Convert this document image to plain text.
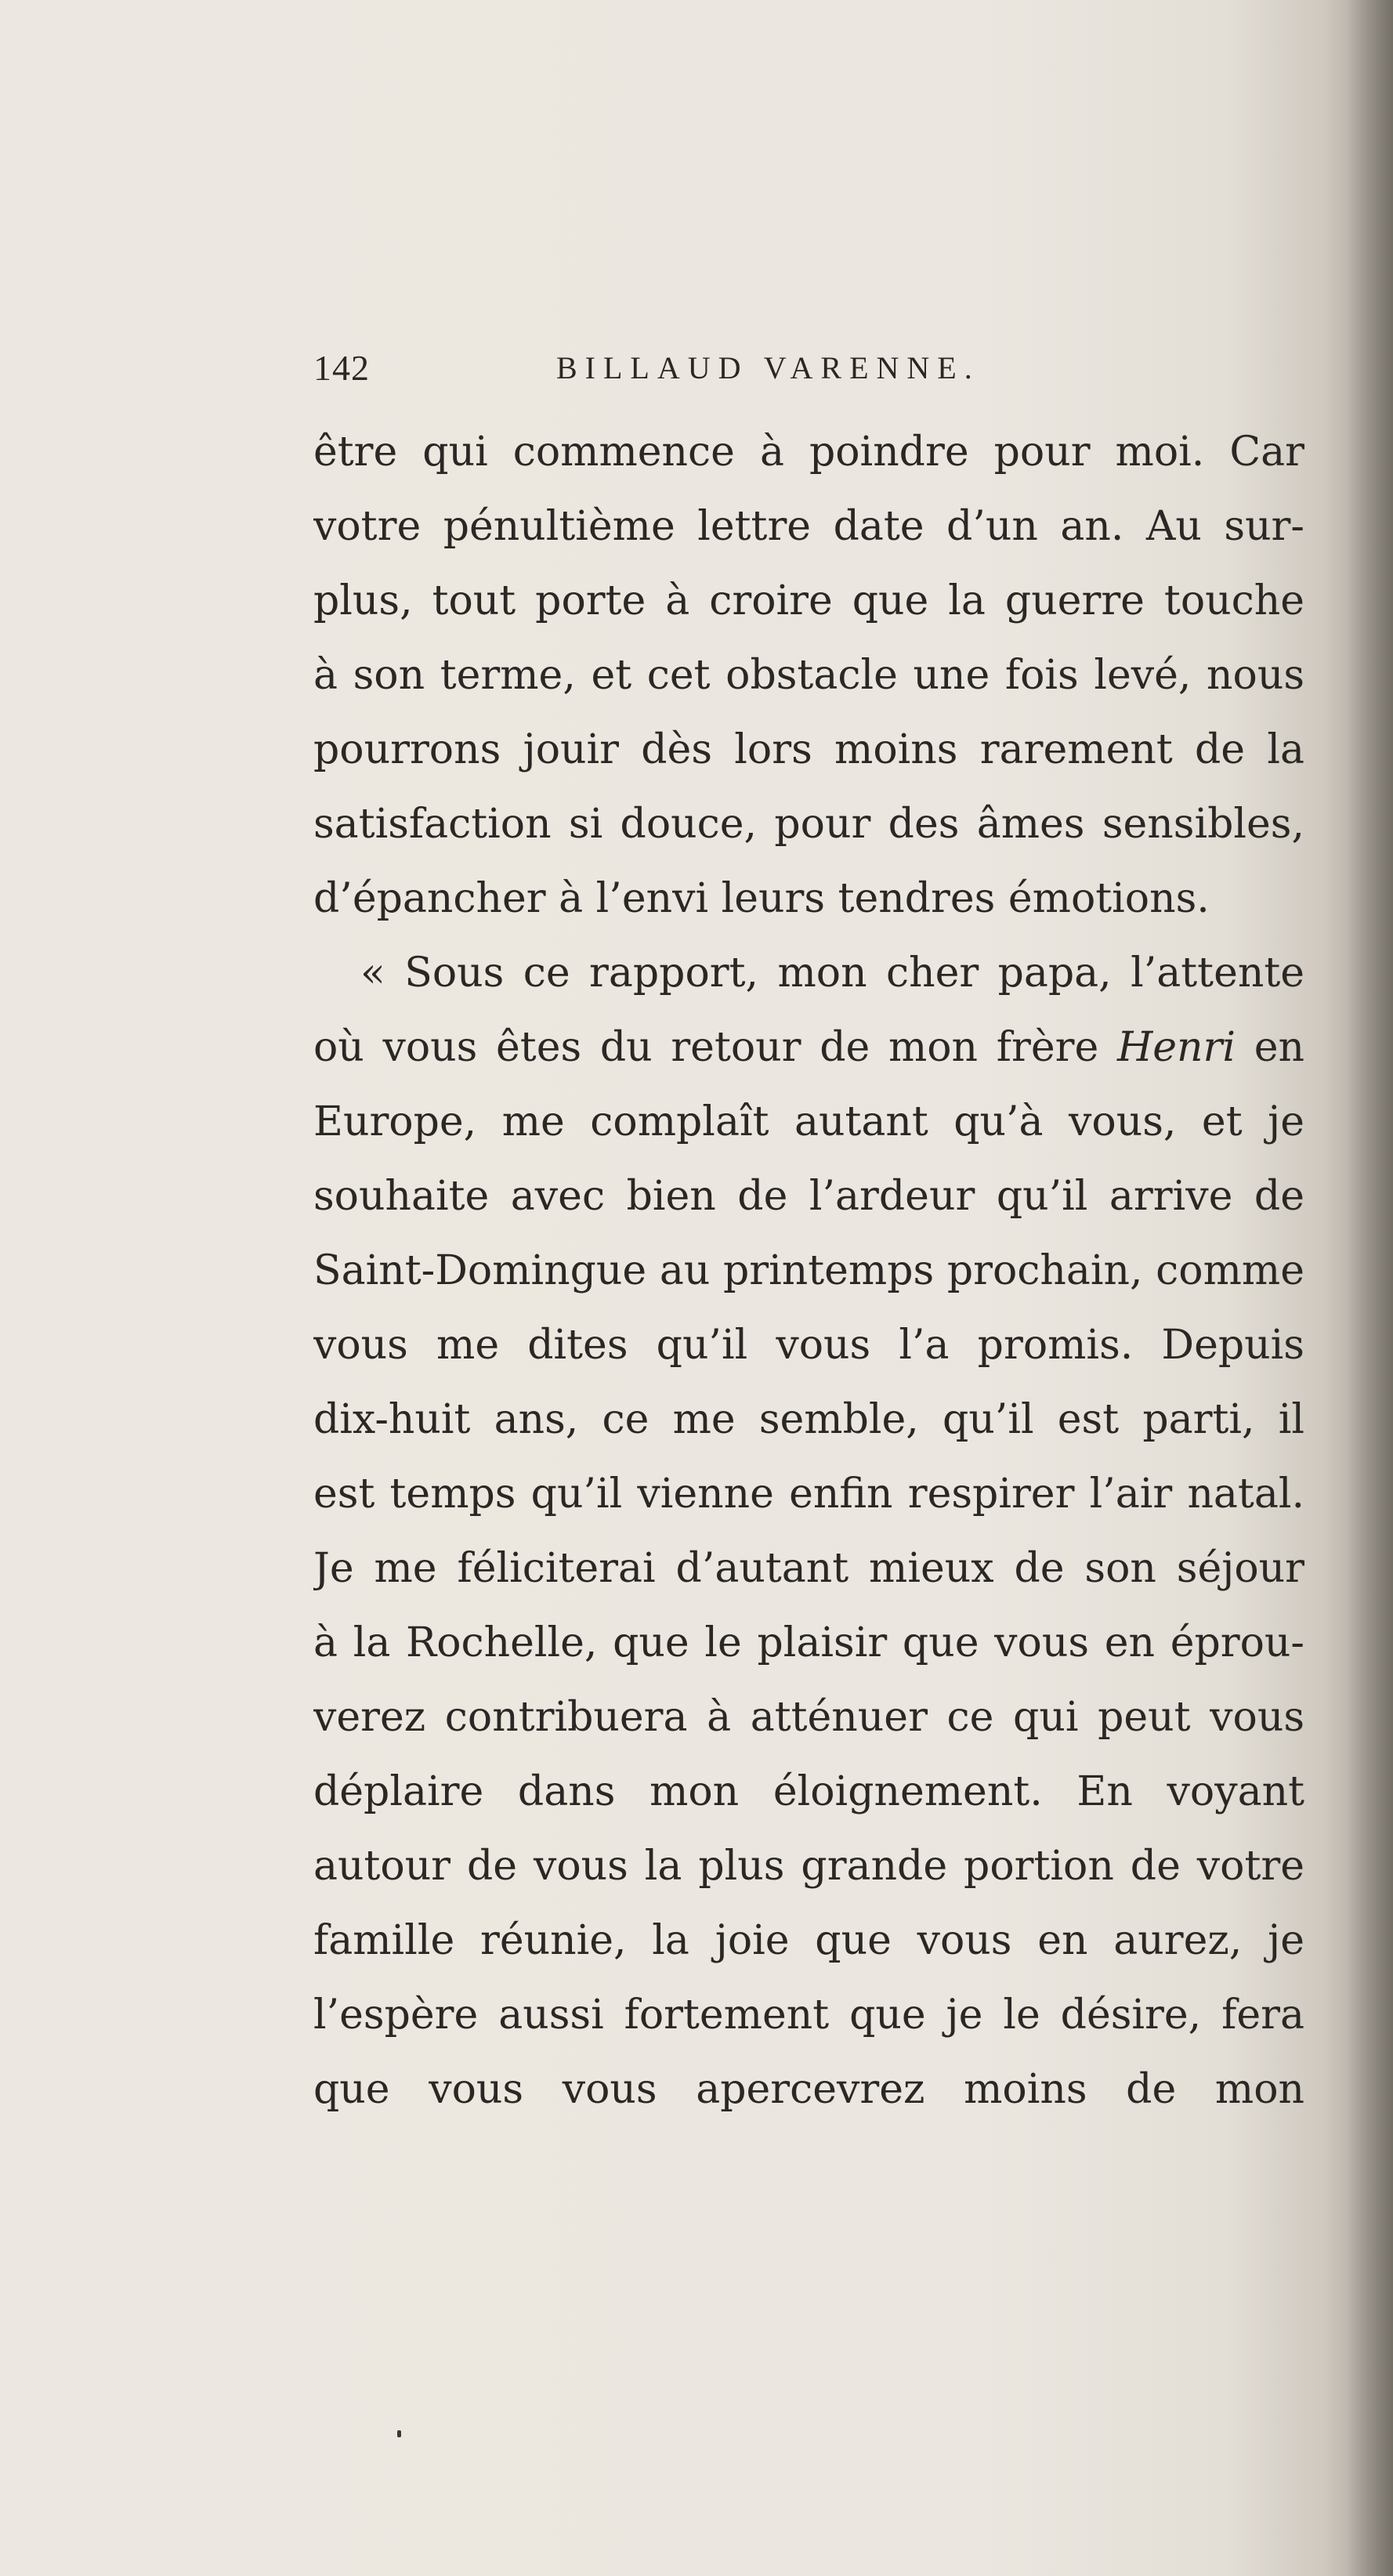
142	BILLAUD VARENNE.
être qui commence à poindre pour moi. Car
votre pénultième lettre date d’un an. Au sur-
plus, tout porte à croire que la guerre touche
à son terme, et cet obstacle une fois levé, nous
pourrons jouir dès lors moins rarement de la
satisfaction si douce, pour des âmes sensibles,
d’épancher à l’envi leurs tendres émotions.
« Sous ce rapport, mon cher papa, l’attente
où vous êtes du retour de mon frère Henri en
Europe, me complaît autant qu’à vous, et je
souhaite avec bien de l’ardeur qu’il arrive de
Saint-Domingue au printemps prochain, comme
vous me dites qu’il vous l’a promis. Depuis
dix-huit ans, ce me semble, qu’il est parti, il
est temps qu’il vienne enfin respirer l’air natal.
Je me féliciterai d’autant mieux de son séjour
à la Rochelle, que le plaisir que vous en éprou-
verez contribuera à atténuer ce qui peut vous
déplaire dans mon éloignement. En voyant
autour de vous la plus grande portion de votre
famille réunie, la joie que vous en aurez, je
l’espère aussi fortement que je le désire, fera
que vous vous apercevrez moins de mon
